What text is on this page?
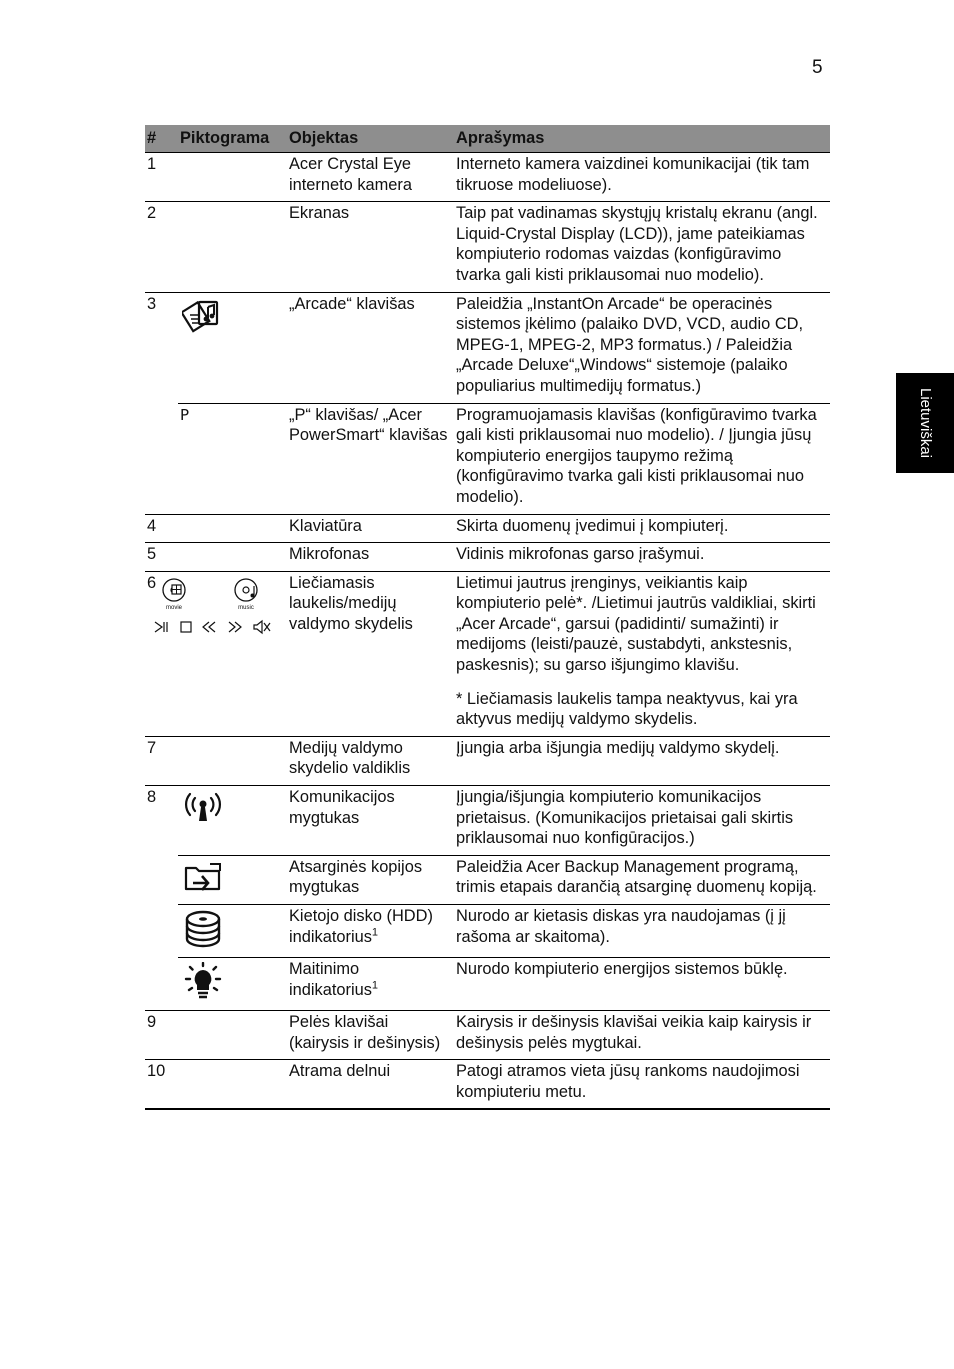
5
Lietuviškai
#	Piktograma	Objektas	Aprašymas
1		Acer Crystal Eye interneto kamera	Interneto kamera vaizdinei komunikacijai (tik tam tikruose modeliuose).
2		Ekranas	Taip pat vadinamas skystųjų kristalų ekranu (angl. Liquid-Crystal Display (LCD)), jame pateikiamas kompiuterio rodomas vaizdas (konfigūravimo tvarka gali kisti priklausomai nuo modelio).
3		„Arcade“ klavišas	Paleidžia „InstantOn Arcade“ be operacinės sistemos įkėlimo (palaiko DVD, VCD, audio CD, MPEG-1, MPEG-2, MP3 formatus.) / Paleidžia „Arcade Deluxe“„Windows“ sistemoje (palaiko populiarius multimedijų formatus.)
	P	„P“ klavišas/ „Acer PowerSmart“ klavišas	Programuojamasis klavišas (konfigūravimo tvarka gali kisti priklausomai nuo modelio). / Įjungia jūsų kompiuterio energijos taupymo režimą (konfigūravimo tvarka gali kisti priklausomai nuo modelio).
4		Klaviatūra	Skirta duomenų įvedimui į kompiuterį.
5		Mikrofonas	Vidinis mikrofonas garso įrašymui.
6	movie music	Liečiamasis laukelis/medijų valdymo skydelis	Lietimui jautrus įrenginys, veikiantis kaip kompiuterio pelė*. /Lietimui jautrūs valdikliai, skirti „Acer Arcade“, garsui (padidinti/ sumažinti) ir medijoms (leisti/pauzė, sustabdyti, ankstesnis, paskesnis); su garso išjungimo klavišu.
* Liečiamasis laukelis tampa neaktyvus, kai yra aktyvus medijų valdymo skydelis.

7		Medijų valdymo skydelio valdiklis	Įjungia arba išjungia medijų valdymo skydelį.
8		Komunikacijos mygtukas	Įjungia/išjungia kompiuterio komunikacijos prietaisus. (Komunikacijos prietaisai gali skirtis priklausomai nuo konfigūracijos.)

	Atsarginės kopijos mygtukas	Paleidžia Acer Backup Management programą, trimis etapais darančią atsarginę duomenų kopiją.

	Kietojo disko (HDD) indikatorius$^1$	Nurodo ar kietasis diskas yra naudojamas (į jį rašoma ar skaitoma).

	Maitinimo indikatorius$^1$	Nurodo kompiuterio energijos sistemos būklę.
9		Pelės klavišai (kairysis ir dešinysis)	Kairysis ir dešinysis klavišai veikia kaip kairysis ir dešinysis pelės mygtukai.
10		Atrama delnui	Patogi atramos vieta jūsų rankoms naudojimosi kompiuteriu metu.
